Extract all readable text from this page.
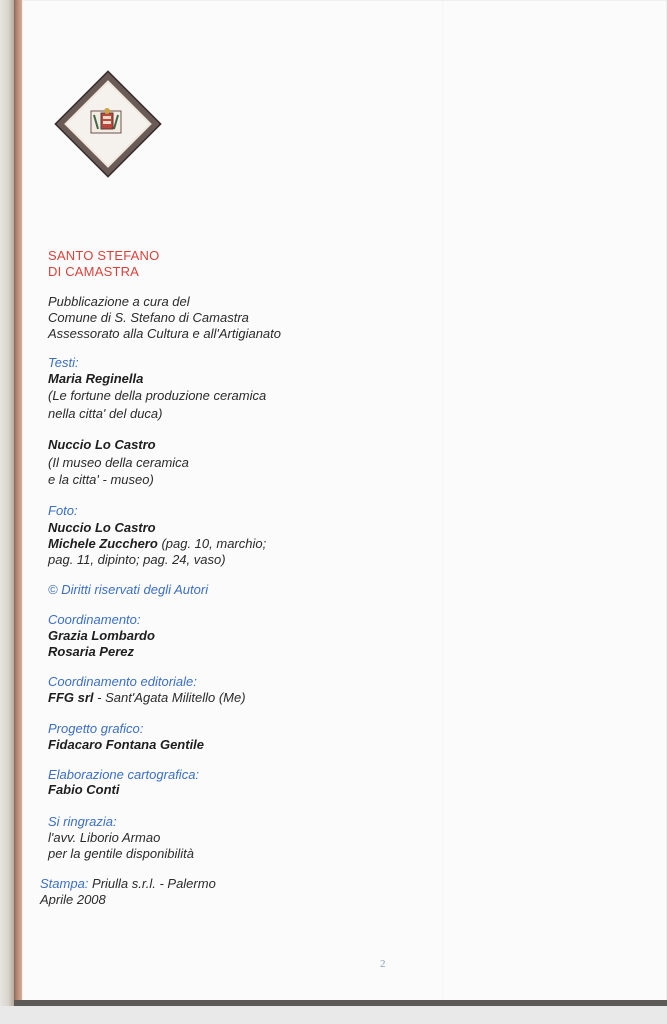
SANTO STEFANO
DI CAMASTRA
Pubblicazione a cura del
Comune di S. Stefano di Camastra
Assessorato alla Cultura e all'Artigianato
Testi:
Maria Reginella
(Le fortune della produzione ceramica
nella citta' del duca)
Nuccio Lo Castro
(Il museo della ceramica
e la citta' - museo)
Foto:
Nuccio Lo Castro
Michele Zucchero (pag. 10, marchio;
pag. 11, dipinto; pag. 24, vaso)
© Diritti riservati degli Autori
Coordinamento:
Grazia Lombardo
Rosaria Perez
Coordinamento editoriale:
FFG srl - Sant'Agata Militello (Me)
Progetto grafico:
Fidacaro Fontana Gentile
Elaborazione cartografica:
Fabio Conti
Si ringrazia:
l'avv. Liborio Armao
per la gentile disponibilità
Stampa: Priulla s.r.l. - Palermo
Aprile 2008
2
